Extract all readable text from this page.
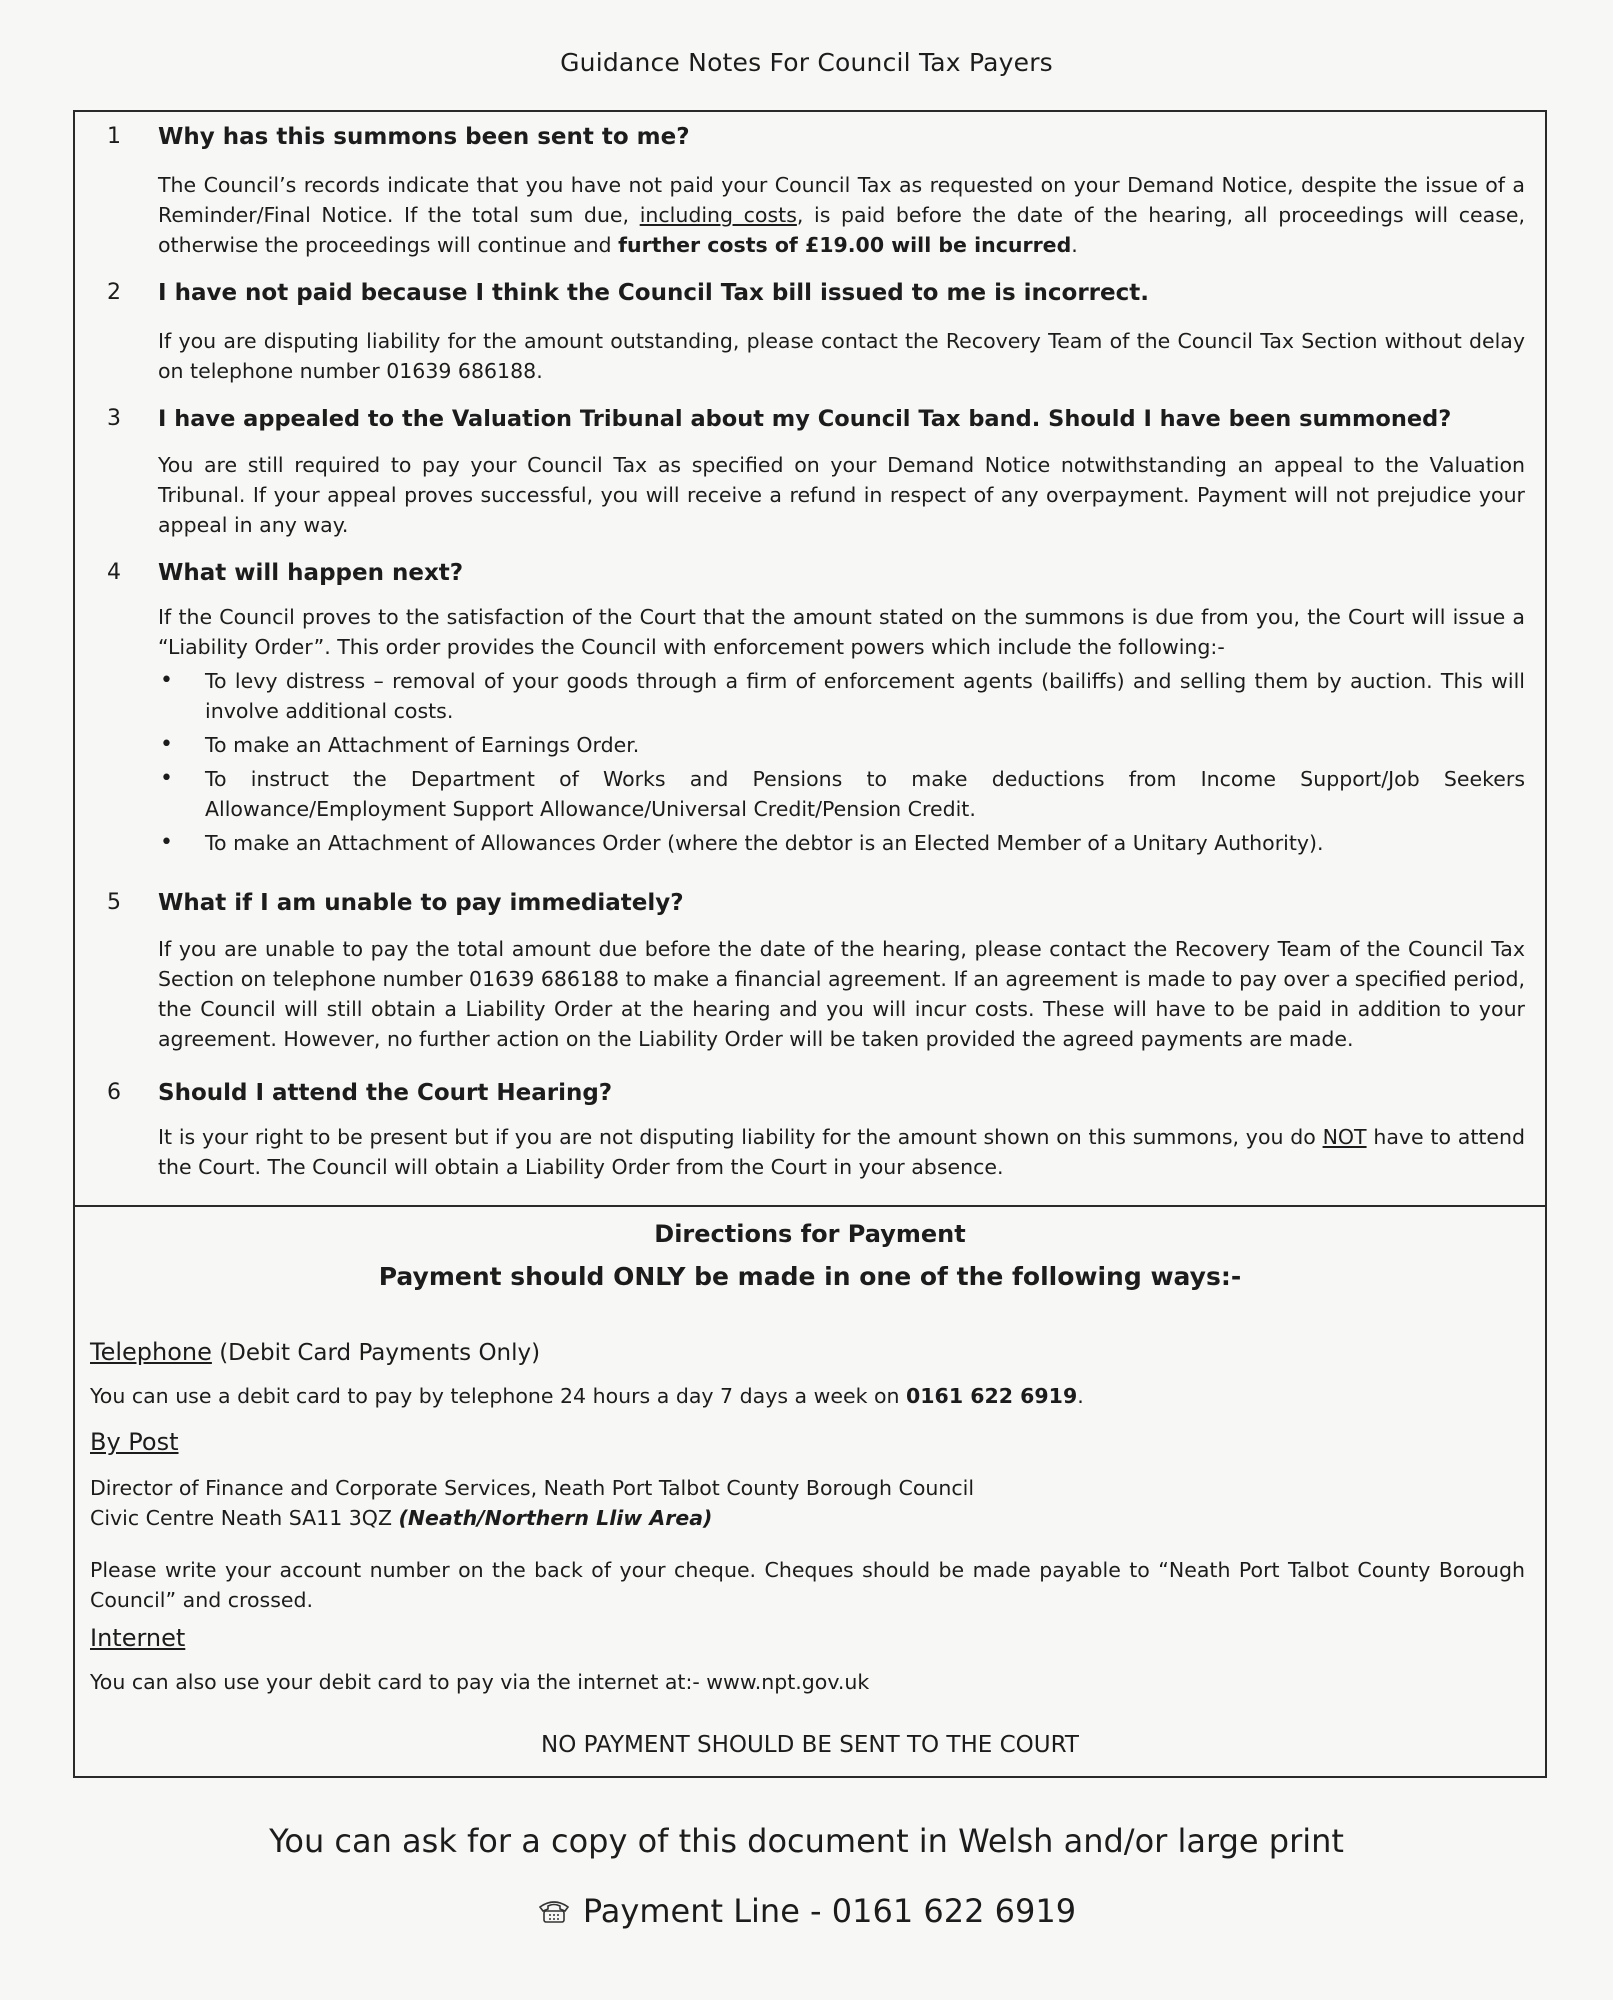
Guidance Notes For Council Tax Payers
1 Why has this summons been sent to me?
The Council’s records indicate that you have not paid your Council Tax as requested on your Demand Notice, despite the issue of a Reminder/Final Notice. If the total sum due, including costs, is paid before the date of the hearing, all proceedings will cease, otherwise the proceedings will continue and further costs of £19.00 will be incurred.
2 I have not paid because I think the Council Tax bill issued to me is incorrect.
If you are disputing liability for the amount outstanding, please contact the Recovery Team of the Council Tax Section without delay on telephone number 01639 686188.
3 I have appealed to the Valuation Tribunal about my Council Tax band. Should I have been summoned?
You are still required to pay your Council Tax as specified on your Demand Notice notwithstanding an appeal to the Valuation Tribunal. If your appeal proves successful, you will receive a refund in respect of any overpayment. Payment will not prejudice your appeal in any way.
4 What will happen next?
If the Council proves to the satisfaction of the Court that the amount stated on the summons is due from you, the Court will issue a “Liability Order”. This order provides the Council with enforcement powers which include the following:-
• To levy distress – removal of your goods through a firm of enforcement agents (bailiffs) and selling them by auction. This will involve additional costs.
• To make an Attachment of Earnings Order.
• To instruct the Department of Works and Pensions to make deductions from Income Support/Job Seekers Allowance/Employment Support Allowance/Universal Credit/Pension Credit.
• To make an Attachment of Allowances Order (where the debtor is an Elected Member of a Unitary Authority).
5 What if I am unable to pay immediately?
If you are unable to pay the total amount due before the date of the hearing, please contact the Recovery Team of the Council Tax Section on telephone number 01639 686188 to make a financial agreement. If an agreement is made to pay over a specified period, the Council will still obtain a Liability Order at the hearing and you will incur costs. These will have to be paid in addition to your agreement. However, no further action on the Liability Order will be taken provided the agreed payments are made.
6 Should I attend the Court Hearing?
It is your right to be present but if you are not disputing liability for the amount shown on this summons, you do NOT have to attend the Court. The Council will obtain a Liability Order from the Court in your absence.
Directions for Payment
Payment should ONLY be made in one of the following ways:-
Telephone (Debit Card Payments Only)
You can use a debit card to pay by telephone 24 hours a day 7 days a week on 0161 622 6919.
By Post
Director of Finance and Corporate Services, Neath Port Talbot County Borough Council
Civic Centre Neath SA11 3QZ (Neath/Northern Lliw Area)
Please write your account number on the back of your cheque. Cheques should be made payable to “Neath Port Talbot County Borough Council” and crossed.
Internet
You can also use your debit card to pay via the internet at:- www.npt.gov.uk
NO PAYMENT SHOULD BE SENT TO THE COURT
You can ask for a copy of this document in Welsh and/or large print
Payment Line - 0161 622 6919
